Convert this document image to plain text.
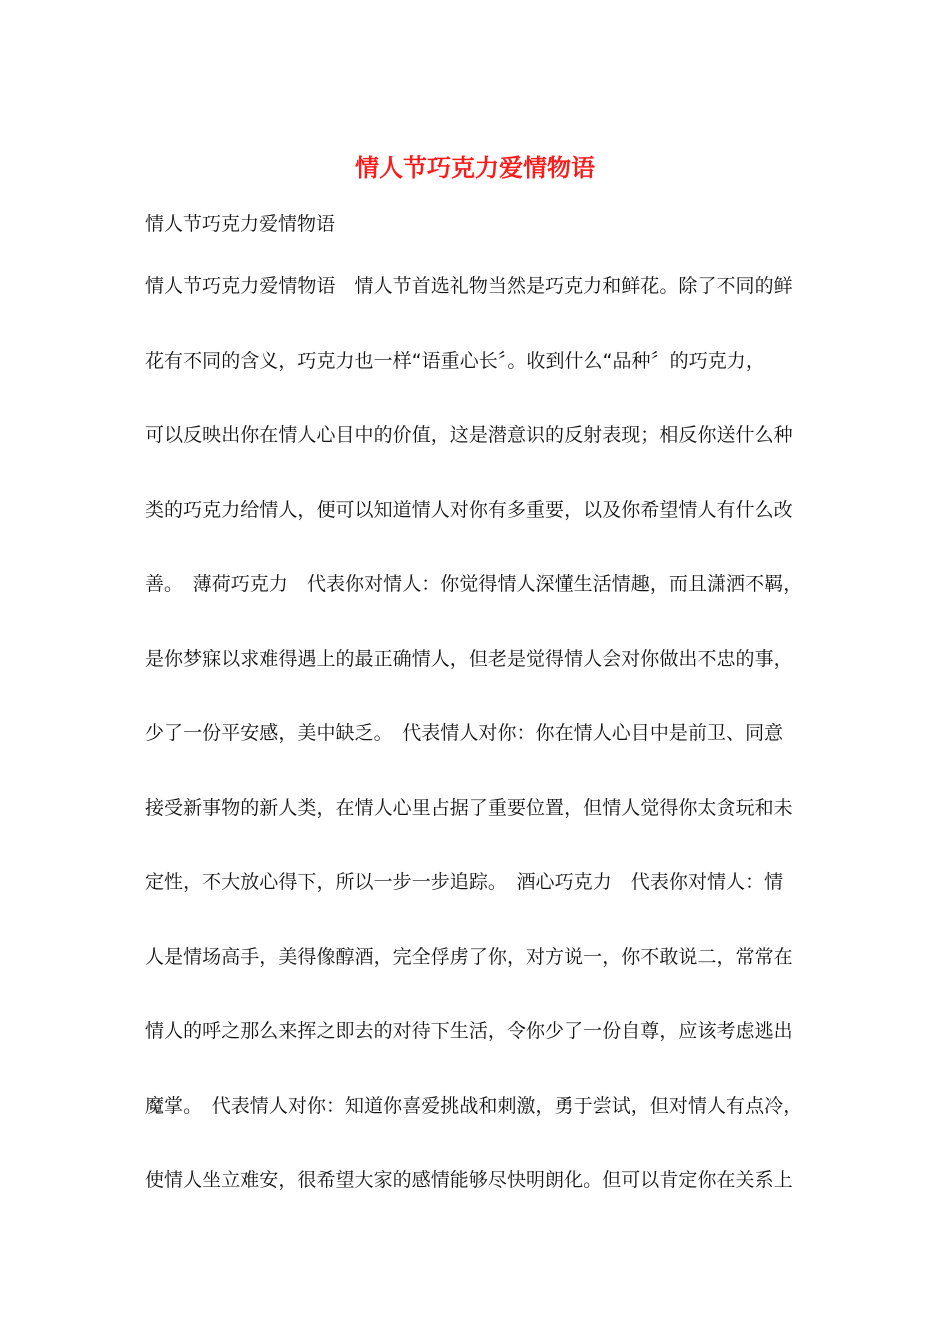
情人节巧克力爱情物语

情人节巧克力爱情物语

情人节巧克力爱情物语　情人节首选礼物当然是巧克力和鲜花。除了不同的鲜
花有不同的含义，巧克力也一样“语重心长〞。收到什么“品种〞的巧克力，
可以反映出你在情人心目中的价值，这是潜意识的反射表现；相反你送什么种
类的巧克力给情人，便可以知道情人对你有多重要，以及你希望情人有什么改
善。　薄荷巧克力　代表你对情人：你觉得情人深懂生活情趣，而且潇洒不羁，
是你梦寐以求难得遇上的最正确情人，但老是觉得情人会对你做出不忠的事，
少了一份平安感，美中缺乏。　代表情人对你：你在情人心目中是前卫、同意
接受新事物的新人类，在情人心里占据了重要位置，但情人觉得你太贪玩和未
定性，不大放心得下，所以一步一步追踪。　酒心巧克力　代表你对情人：情
人是情场高手，美得像醇酒，完全俘虏了你，对方说一，你不敢说二，常常在
情人的呼之那么来挥之即去的对待下生活，令你少了一份自尊，应该考虑逃出
魔掌。　代表情人对你：知道你喜爱挑战和刺激，勇于尝试，但对情人有点冷，
使情人坐立难安，很希望大家的感情能够尽快明朗化。但可以肯定你在关系上
